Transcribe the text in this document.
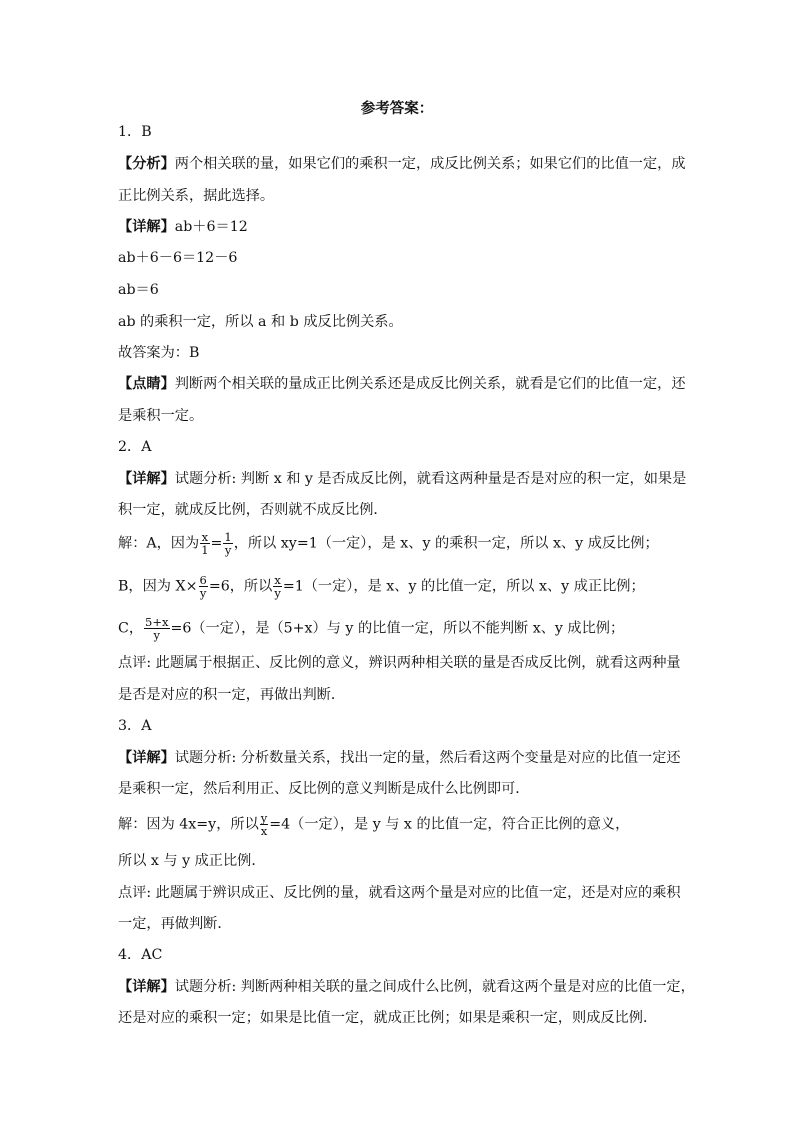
参考答案：
1．B
【分析】两个相关联的量，如果它们的乘积一定，成反比例关系；如果它们的比值一定，成
正比例关系，据此选择。
【详解】ab＋6＝12
ab＋6－6＝12－6
ab＝6
ab 的乘积一定，所以 a 和 b 成反比例关系。
故答案为：B
【点睛】判断两个相关联的量成正比例关系还是成反比例关系，就看是它们的比值一定，还
是乘积一定。
2．A
【详解】试题分析: 判断 x 和 y 是否成反比例，就看这两种量是否是对应的积一定，如果是
积一定，就成反比例，否则就不成反比例．
解：A，因为 $\frac{x}{1} = \frac{1}{y}$ ，所以 xy=1（一定），是 x、y 的乘积一定，所以 x、y 成反比例；
B，因为 $X\times \frac{6}{y} =6$，所以 $\frac{x}{y} =1$（一定），是 x、y 的比值一定，所以 x、y 成正比例；
C， $\frac{5+x}{y} =6$（一定），是（5+x）与 y 的比值一定，所以不能判断 x、y 成比例；
点评: 此题属于根据正、反比例的意义，辨识两种相关联的量是否成反比例，就看这两种量
是否是对应的积一定，再做出判断．
3．A
【详解】试题分析: 分析数量关系，找出一定的量，然后看这两个变量是对应的比值一定还
是乘积一定，然后利用正、反比例的意义判断是成什么比例即可．
解：因为 4x=y，所以 $\frac{y}{x} =4$（一定），是 y 与 x 的比值一定，符合正比例的意义，
所以 x 与 y 成正比例．
点评: 此题属于辨识成正、反比例的量，就看这两个量是对应的比值一定，还是对应的乘积
一定，再做判断．
4．AC
【详解】试题分析: 判断两种相关联的量之间成什么比例，就看这两个量是对应的比值一定，
还是对应的乘积一定；如果是比值一定，就成正比例；如果是乘积一定，则成反比例．
